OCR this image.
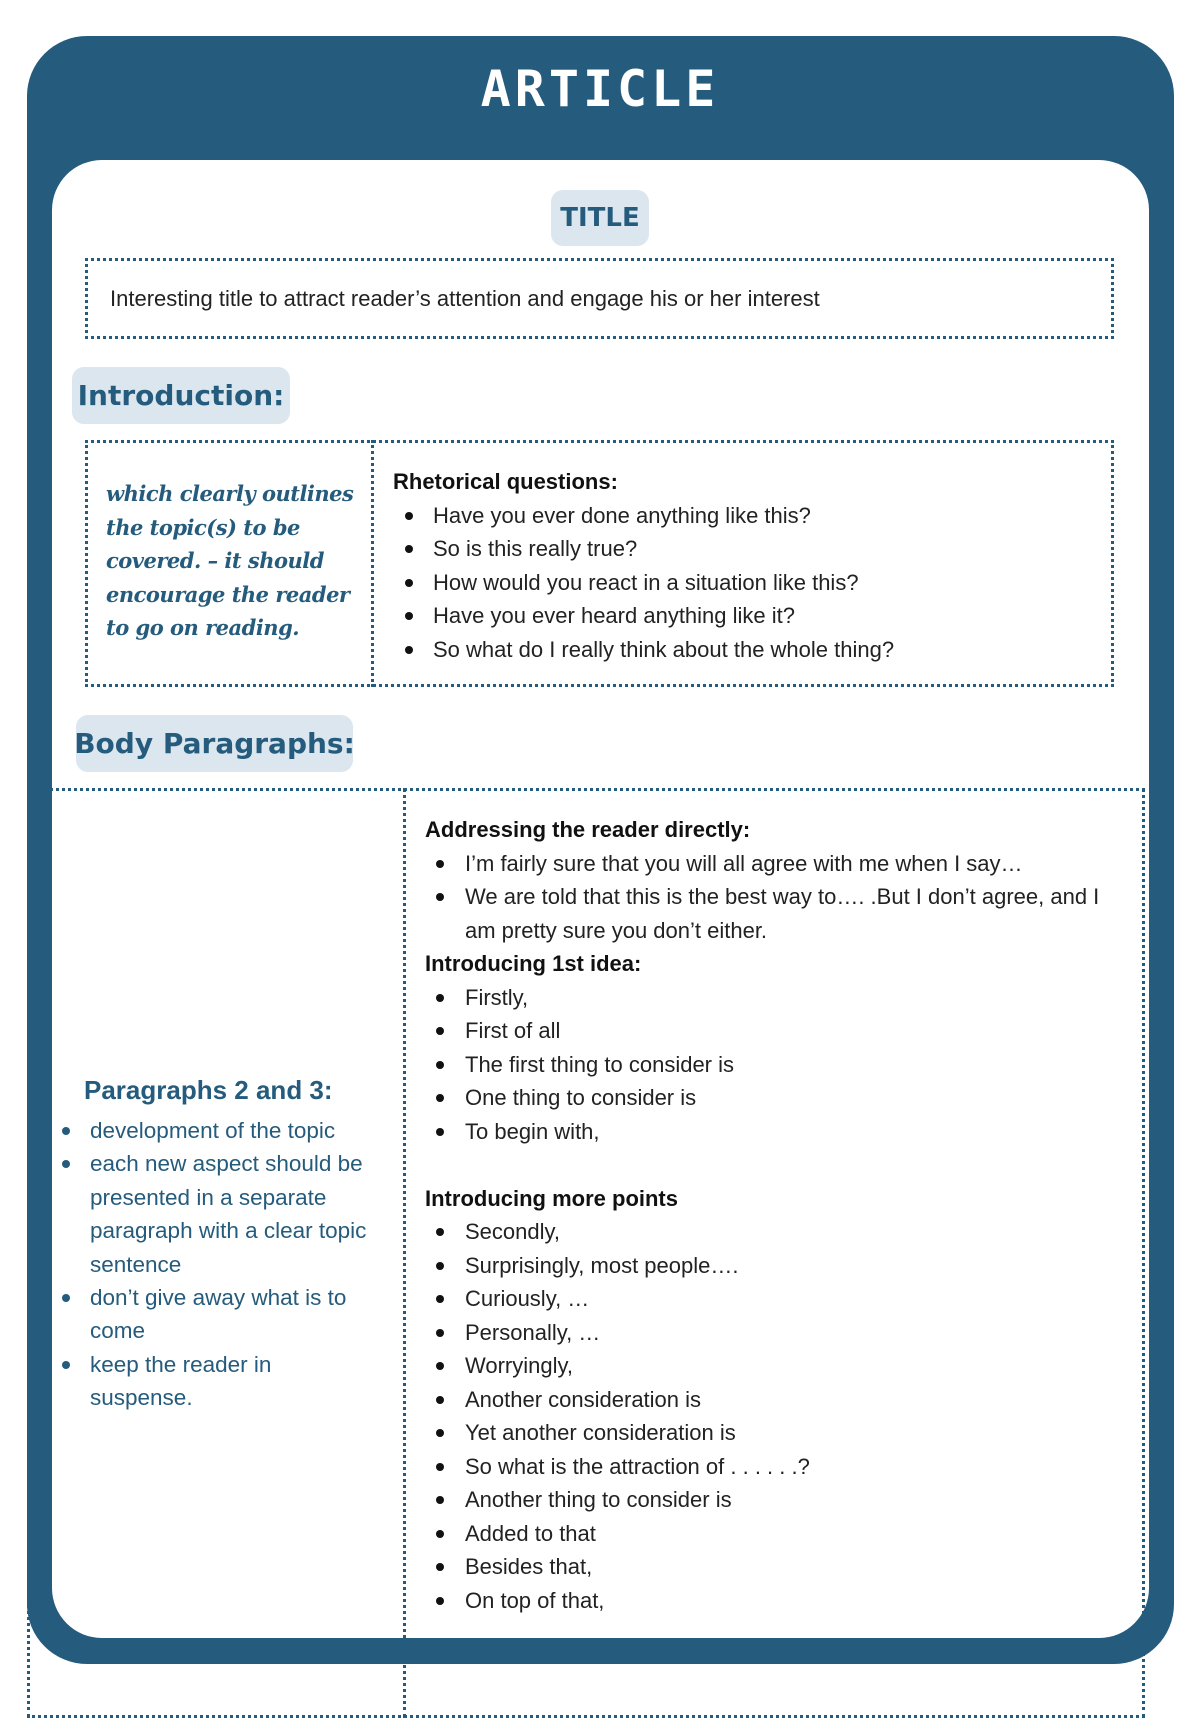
ARTICLE
TITLE
Interesting title to attract reader’s attention and engage his or her interest
Introduction:
which clearly outlines the topic(s) to be covered. – it should encourage the reader to go on reading.
Rhetorical questions:
Have you ever done anything like this?
So is this really true?
How would you react in a situation like this?
Have you ever heard anything like it?
So what do I really think about the whole thing?
Body Paragraphs:
Paragraphs 2 and 3:
development of the topic
each new aspect should be presented in a separate paragraph with a clear topic sentence
don’t give away what is to come
keep the reader in suspense.
Addressing the reader directly:
I’m fairly sure that you will all agree with me when I say…
We are told that this is the best way to…. .But I don’t agree, and I am pretty sure you don’t either.
Introducing 1st idea:
Firstly,
First of all
The first thing to consider is
One thing to consider is
To begin with,
Introducing more points
Secondly,
Surprisingly, most people….
Curiously, …
Personally, …
Worryingly,
Another consideration is
Yet another consideration is
So what is the attraction of . . . . . .?
Another thing to consider is
Added to that
Besides that,
On top of that,
